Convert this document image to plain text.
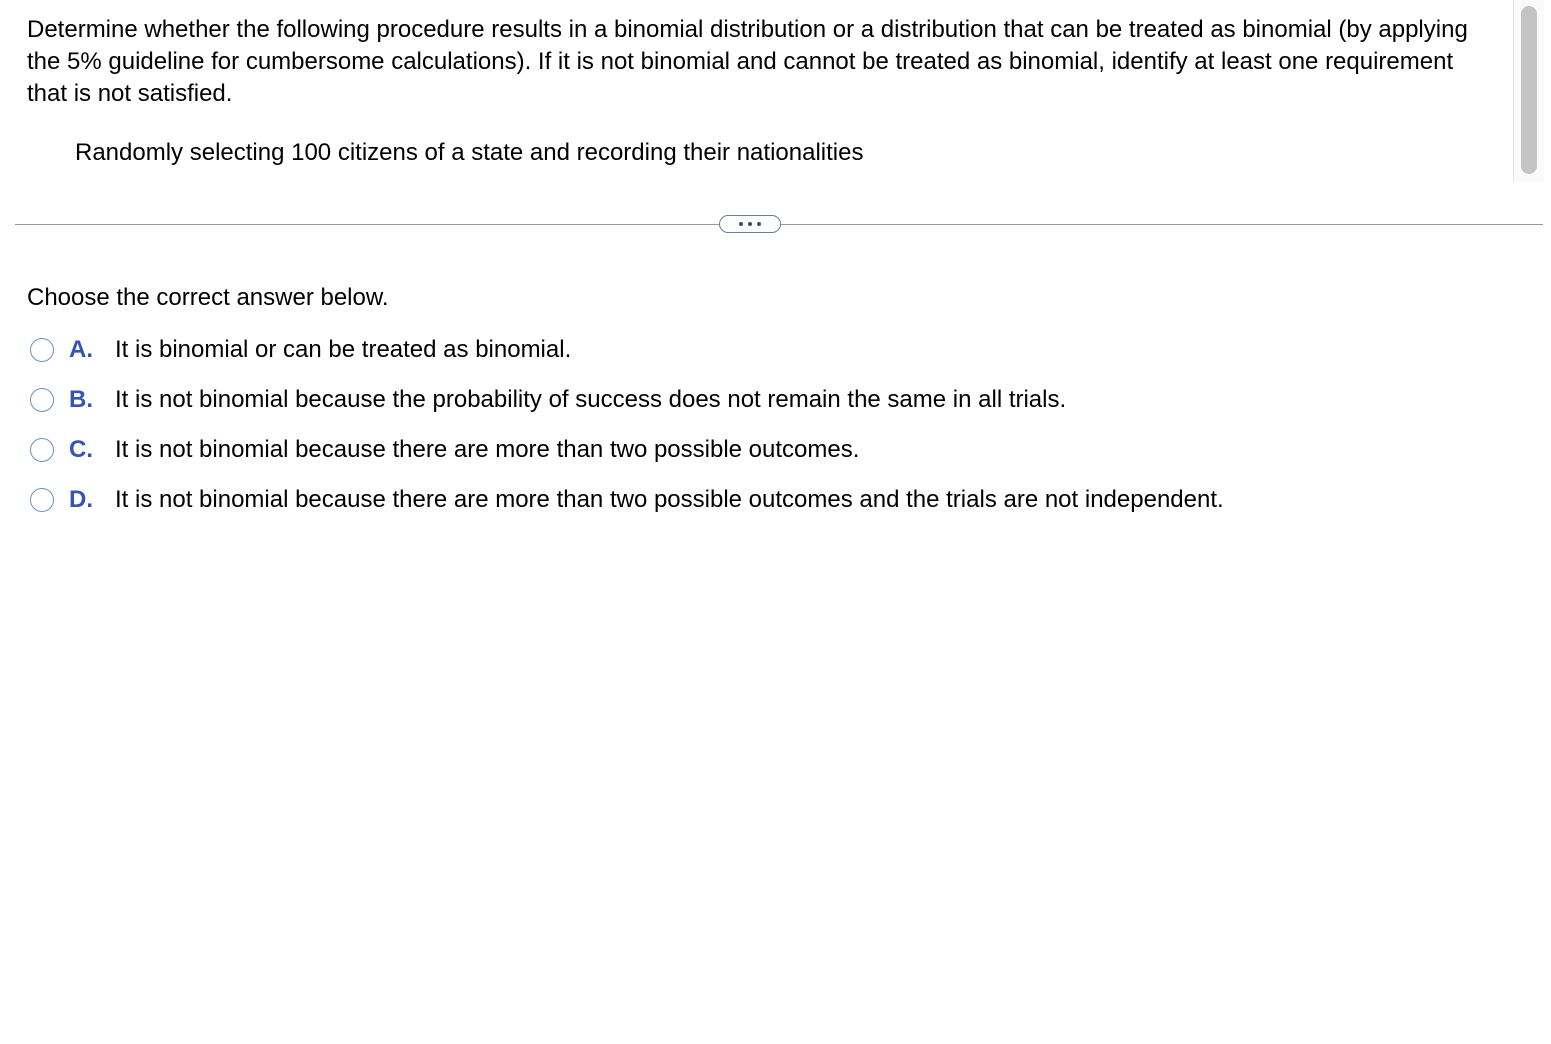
Determine whether the following procedure results in a binomial distribution or a distribution that can be treated as binomial (by applying the 5% guideline for cumbersome calculations). If it is not binomial and cannot be treated as binomial, identify at least one requirement that is not satisfied.

Randomly selecting 100 citizens of a state and recording their nationalities

Choose the correct answer below.

A. It is binomial or can be treated as binomial.
B. It is not binomial because the probability of success does not remain the same in all trials.
C. It is not binomial because there are more than two possible outcomes.
D. It is not binomial because there are more than two possible outcomes and the trials are not independent.
